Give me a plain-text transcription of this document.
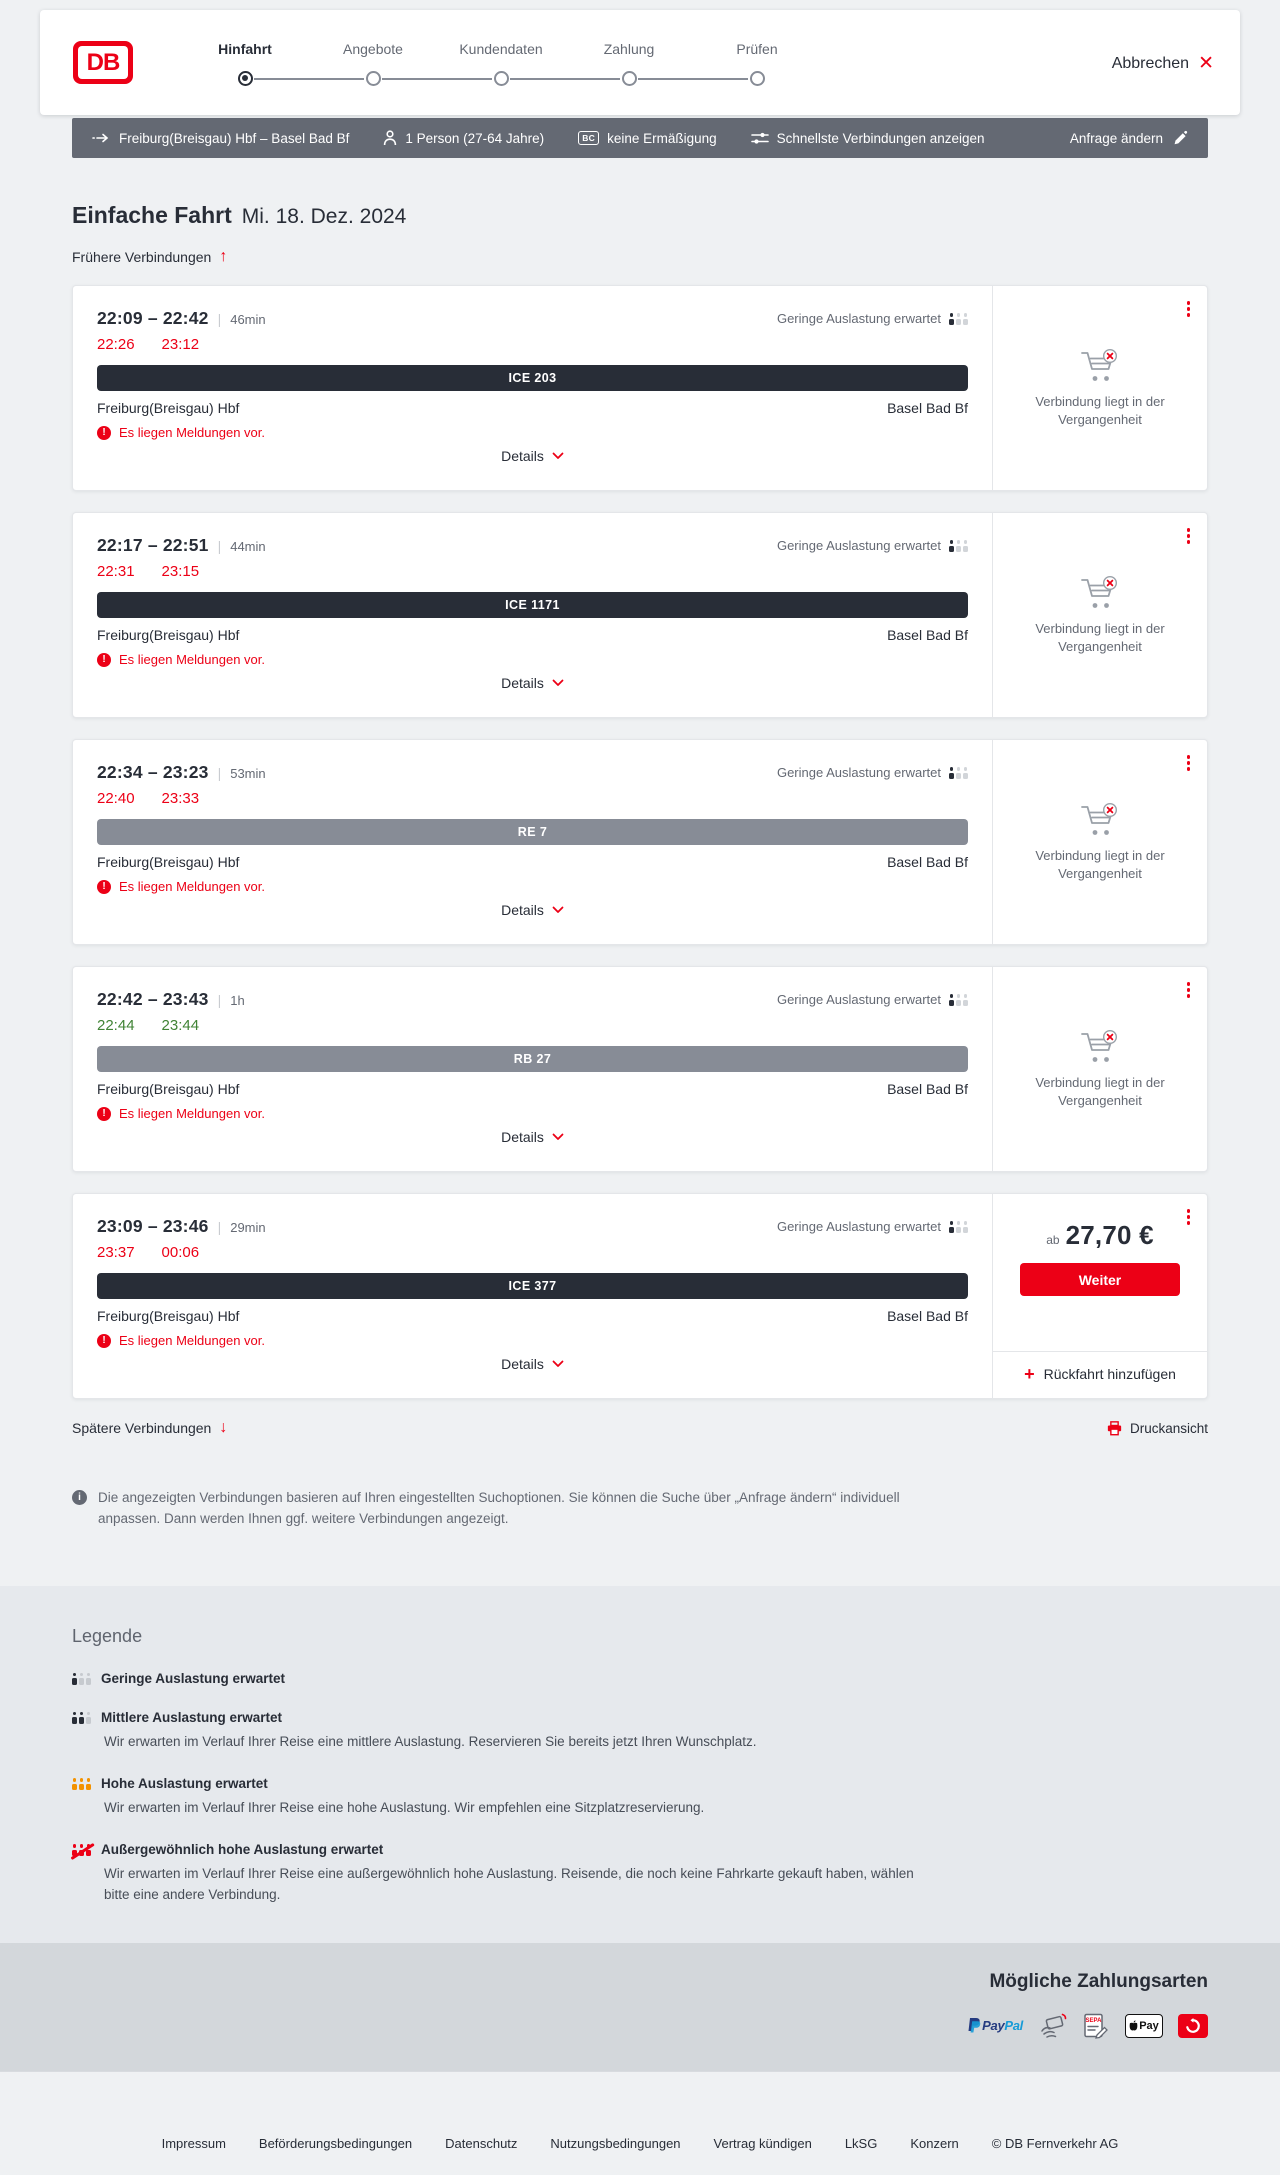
DB	Hinfahrt	Angebote	Kundendaten	Zahlung	Prüfen
Abbrechen ✕
Freiburg(Breisgau) Hbf – Basel Bad Bf	1 Person (27-64 Jahre)	BC keine Ermäßigung	Schnellste Verbindungen anzeigen	Anfrage ändern
Einfache Fahrt Mi. 18. Dez. 2024
Frühere Verbindungen ↑
22:09 – 22:42 | 46min	Geringe Auslastung erwartet
22:26 23:12
ICE 203
Freiburg(Breisgau) Hbf	Basel Bad Bf
!	Es liegen Meldungen vor.
Details

Verbindung liegt in der Vergangenheit

22:17 – 22:51 | 44min	Geringe Auslastung erwartet
22:31 23:15
ICE 1171
Freiburg(Breisgau) Hbf	Basel Bad Bf
!	Es liegen Meldungen vor.
Details

Verbindung liegt in der Vergangenheit

22:34 – 23:23 | 53min	Geringe Auslastung erwartet
22:40 23:33
RE 7
Freiburg(Breisgau) Hbf	Basel Bad Bf
!	Es liegen Meldungen vor.
Details

Verbindung liegt in der Vergangenheit

22:42 – 23:43 | 1h	Geringe Auslastung erwartet
22:44 23:44
RB 27
Freiburg(Breisgau) Hbf	Basel Bad Bf
!	Es liegen Meldungen vor.
Details

Verbindung liegt in der Vergangenheit

23:09 – 23:46 | 29min	Geringe Auslastung erwartet
23:37 00:06
ICE 377
Freiburg(Breisgau) Hbf	Basel Bad Bf
!	Es liegen Meldungen vor.
Details
ab 27,70 €
Weiter
+ Rückfahrt hinzufügen
Spätere Verbindungen ↓	Druckansicht
i	Die angezeigten Verbindungen basieren auf Ihren eingestellten Suchoptionen. Sie können die Suche über „Anfrage ändern“ individuell anpassen. Dann werden Ihnen ggf. weitere Verbindungen angezeigt.

Legende
Geringe Auslastung erwartet
Mittlere Auslastung erwartet

Wir erwarten im Verlauf Ihrer Reise eine mittlere Auslastung. Reservieren Sie bereits jetzt Ihren Wunschplatz.

Hohe Auslastung erwartet

Wir erwarten im Verlauf Ihrer Reise eine hohe Auslastung. Wir empfehlen eine Sitzplatzreservierung.

Außergewöhnlich hohe Auslastung erwartet

Wir erwarten im Verlauf Ihrer Reise eine außergewöhnlich hohe Auslastung. Reisende, die noch keine Fahrkarte gekauft haben, wählen bitte eine andere Verbindung.

Mögliche Zahlungsarten
PayPal	SEPA	Pay
Impressum	Beförderungsbedingungen	Datenschutz	Nutzungsbedingungen	Vertrag kündigen	LkSG	Konzern	© DB Fernverkehr AG
